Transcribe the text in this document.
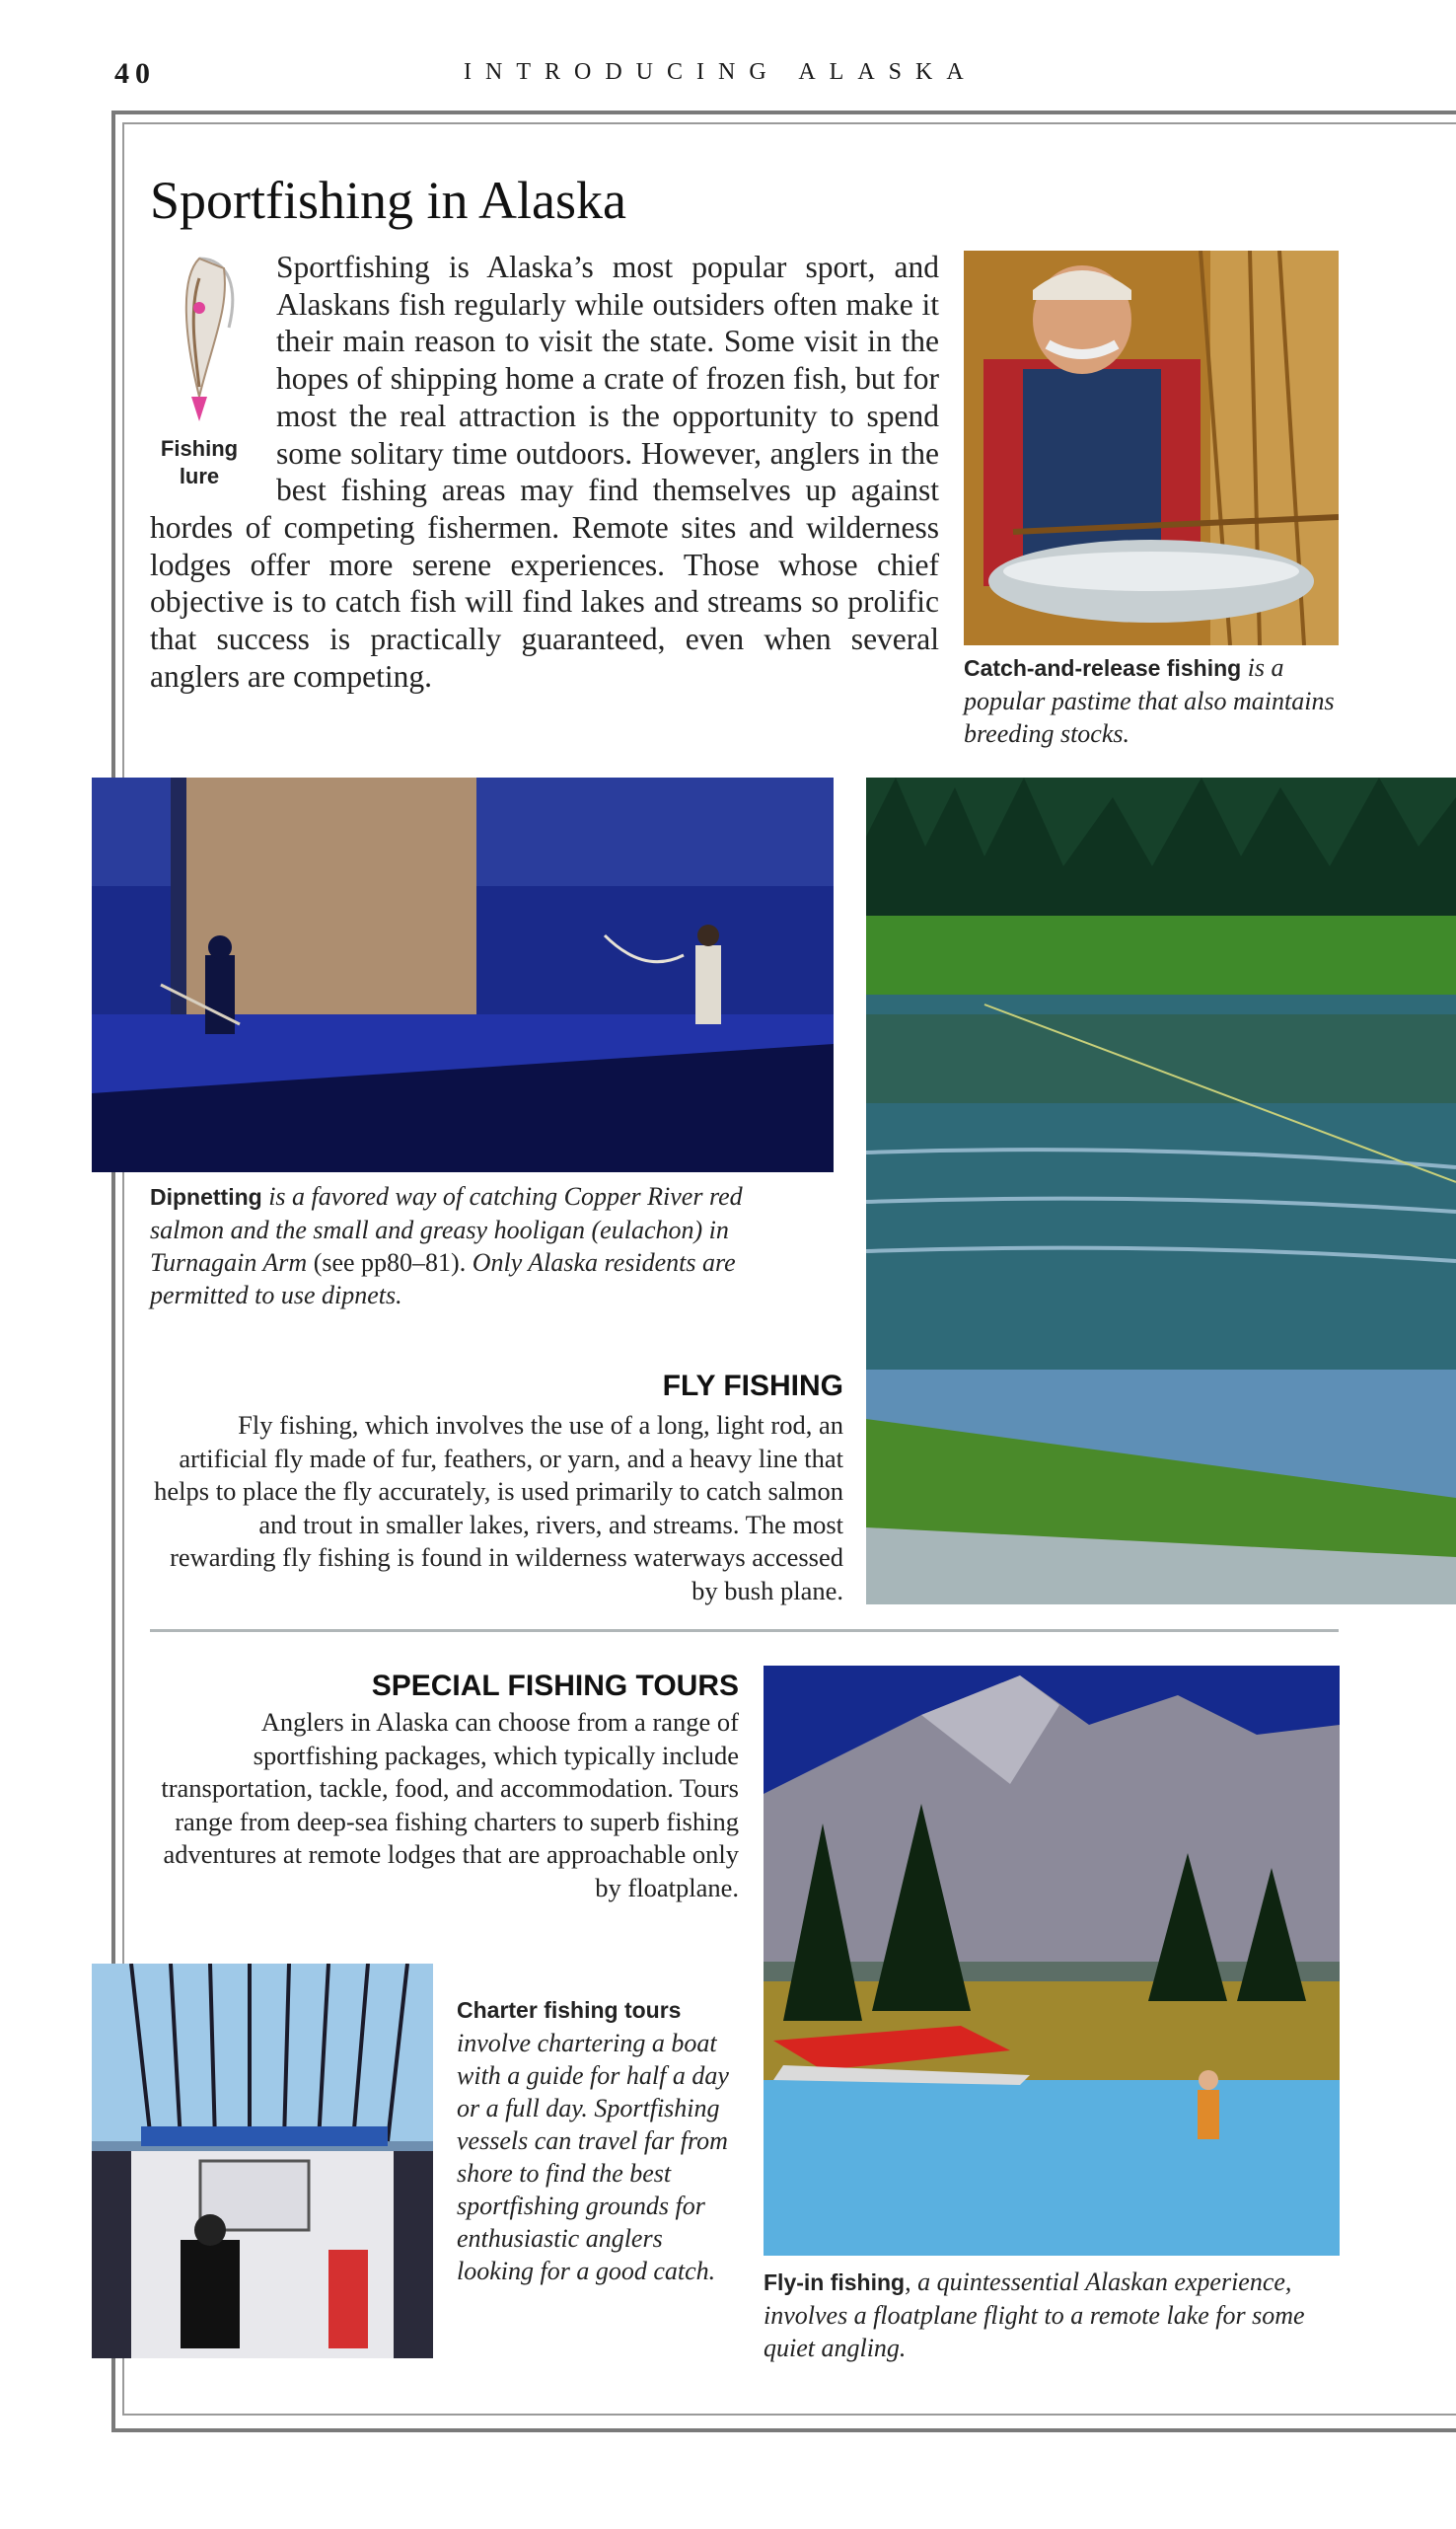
40	INTRODUCING ALASKA
Sportfishing in Alaska
Fishing lure
Sportfishing is Alaska’s most popular sport, and Alaskans fish regularly while outsiders often make it their main reason to visit the state. Some visit in the hopes of shipping home a crate of frozen fish, but for most the real attraction is the opportunity to spend some solitary time outdoors. However, anglers in the best fishing areas may find themselves up against hordes of competing fishermen. Remote sites and wilderness lodges offer more serene experiences. Those whose chief objective is to catch fish will find lakes and streams so prolific that success is practically guaranteed, even when several anglers are competing.	Catch-and-release fishing is a popular pastime that also maintains breeding stocks.
Dipnetting is a favored way of catching Copper River red salmon and the small and greasy hooligan (eulachon) in Turnagain Arm (see pp80–81). Only Alaska residents are permitted to use dipnets.
FLY FISHING
Fly fishing, which involves the use of a long, light rod, an artificial fly made of fur, feathers, or yarn, and a heavy line that helps to place the fly accurately, is used primarily to catch salmon and trout in smaller lakes, rivers, and streams. The most rewarding fly fishing is found in wilderness waterways accessed by bush plane.
SPECIAL FISHING TOURS
Anglers in Alaska can choose from a range of sportfishing packages, which typically include transportation, tackle, food, and accommodation. Tours range from deep-sea fishing charters to superb fishing adventures at remote lodges that are approachable only by floatplane.
Fly-in fishing, a quintessential Alaskan experience, involves a floatplane flight to a remote lake for some quiet angling.
Charter fishing tours involve chartering a boat with a guide for half a day or a full day. Sportfishing vessels can travel far from shore to find the best sportfishing grounds for enthusiastic anglers looking for a good catch.
